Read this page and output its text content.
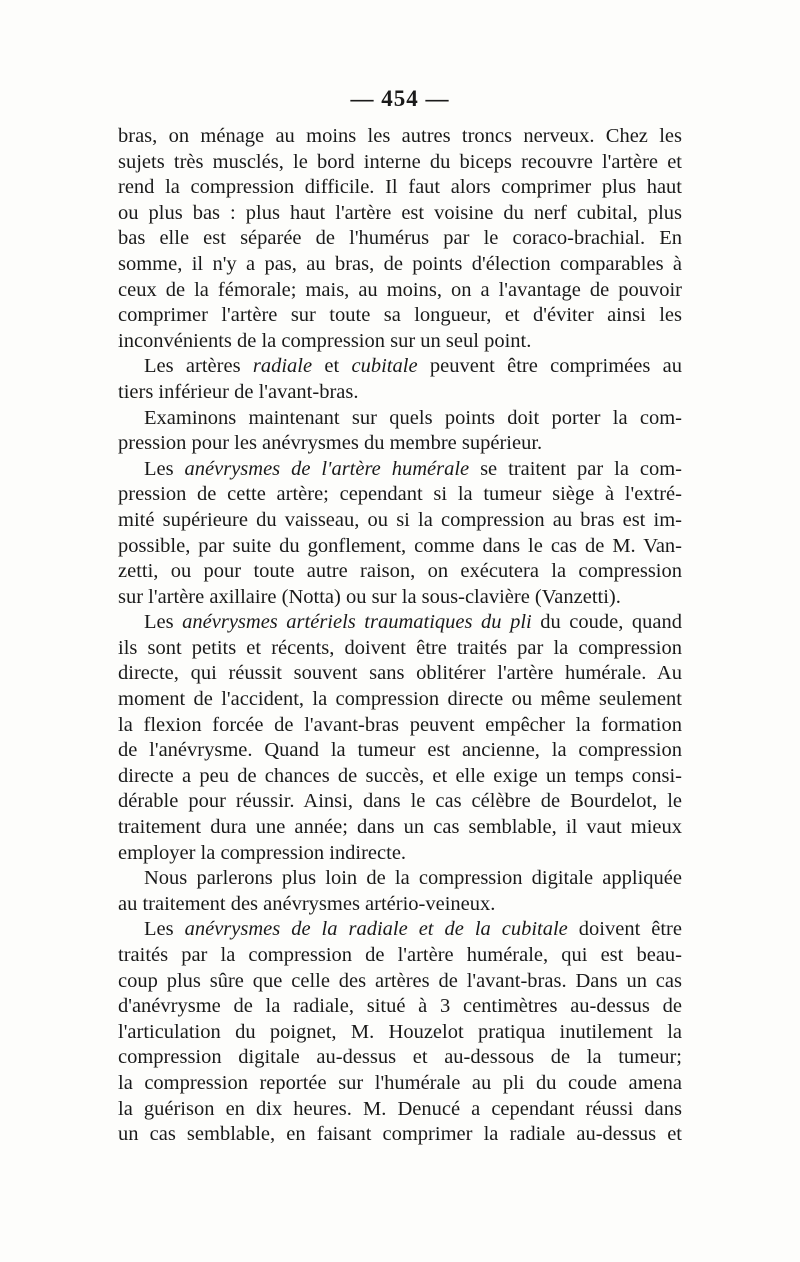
— 454 —
bras, on ménage au moins les autres troncs nerveux. Chez les
sujets très musclés, le bord interne du biceps recouvre l'artère et
rend la compression difficile. Il faut alors comprimer plus haut
ou plus bas : plus haut l'artère est voisine du nerf cubital, plus
bas elle est séparée de l'humérus par le coraco-brachial. En
somme, il n'y a pas, au bras, de points d'élection comparables à
ceux de la fémorale; mais, au moins, on a l'avantage de pouvoir
comprimer l'artère sur toute sa longueur, et d'éviter ainsi les
inconvénients de la compression sur un seul point.
Les artères radiale et cubitale peuvent être comprimées au
tiers inférieur de l'avant-bras.
Examinons maintenant sur quels points doit porter la com-
pression pour les anévrysmes du membre supérieur.
Les anévrysmes de l'artère humérale se traitent par la com-
pression de cette artère; cependant si la tumeur siège à l'extré-
mité supérieure du vaisseau, ou si la compression au bras est im-
possible, par suite du gonflement, comme dans le cas de M. Van-
zetti, ou pour toute autre raison, on exécutera la compression
sur l'artère axillaire (Notta) ou sur la sous-clavière (Vanzetti).
Les anévrysmes artériels traumatiques du pli du coude, quand
ils sont petits et récents, doivent être traités par la compression
directe, qui réussit souvent sans oblitérer l'artère humérale. Au
moment de l'accident, la compression directe ou même seulement
la flexion forcée de l'avant-bras peuvent empêcher la formation
de l'anévrysme. Quand la tumeur est ancienne, la compression
directe a peu de chances de succès, et elle exige un temps consi-
dérable pour réussir. Ainsi, dans le cas célèbre de Bourdelot, le
traitement dura une année; dans un cas semblable, il vaut mieux
employer la compression indirecte.
Nous parlerons plus loin de la compression digitale appliquée
au traitement des anévrysmes artério-veineux.
Les anévrysmes de la radiale et de la cubitale doivent être
traités par la compression de l'artère humérale, qui est beau-
coup plus sûre que celle des artères de l'avant-bras. Dans un cas
d'anévrysme de la radiale, situé à 3 centimètres au-dessus de
l'articulation du poignet, M. Houzelot pratiqua inutilement la
compression digitale au-dessus et au-dessous de la tumeur;
la compression reportée sur l'humérale au pli du coude amena
la guérison en dix heures. M. Denucé a cependant réussi dans
un cas semblable, en faisant comprimer la radiale au-dessus et
